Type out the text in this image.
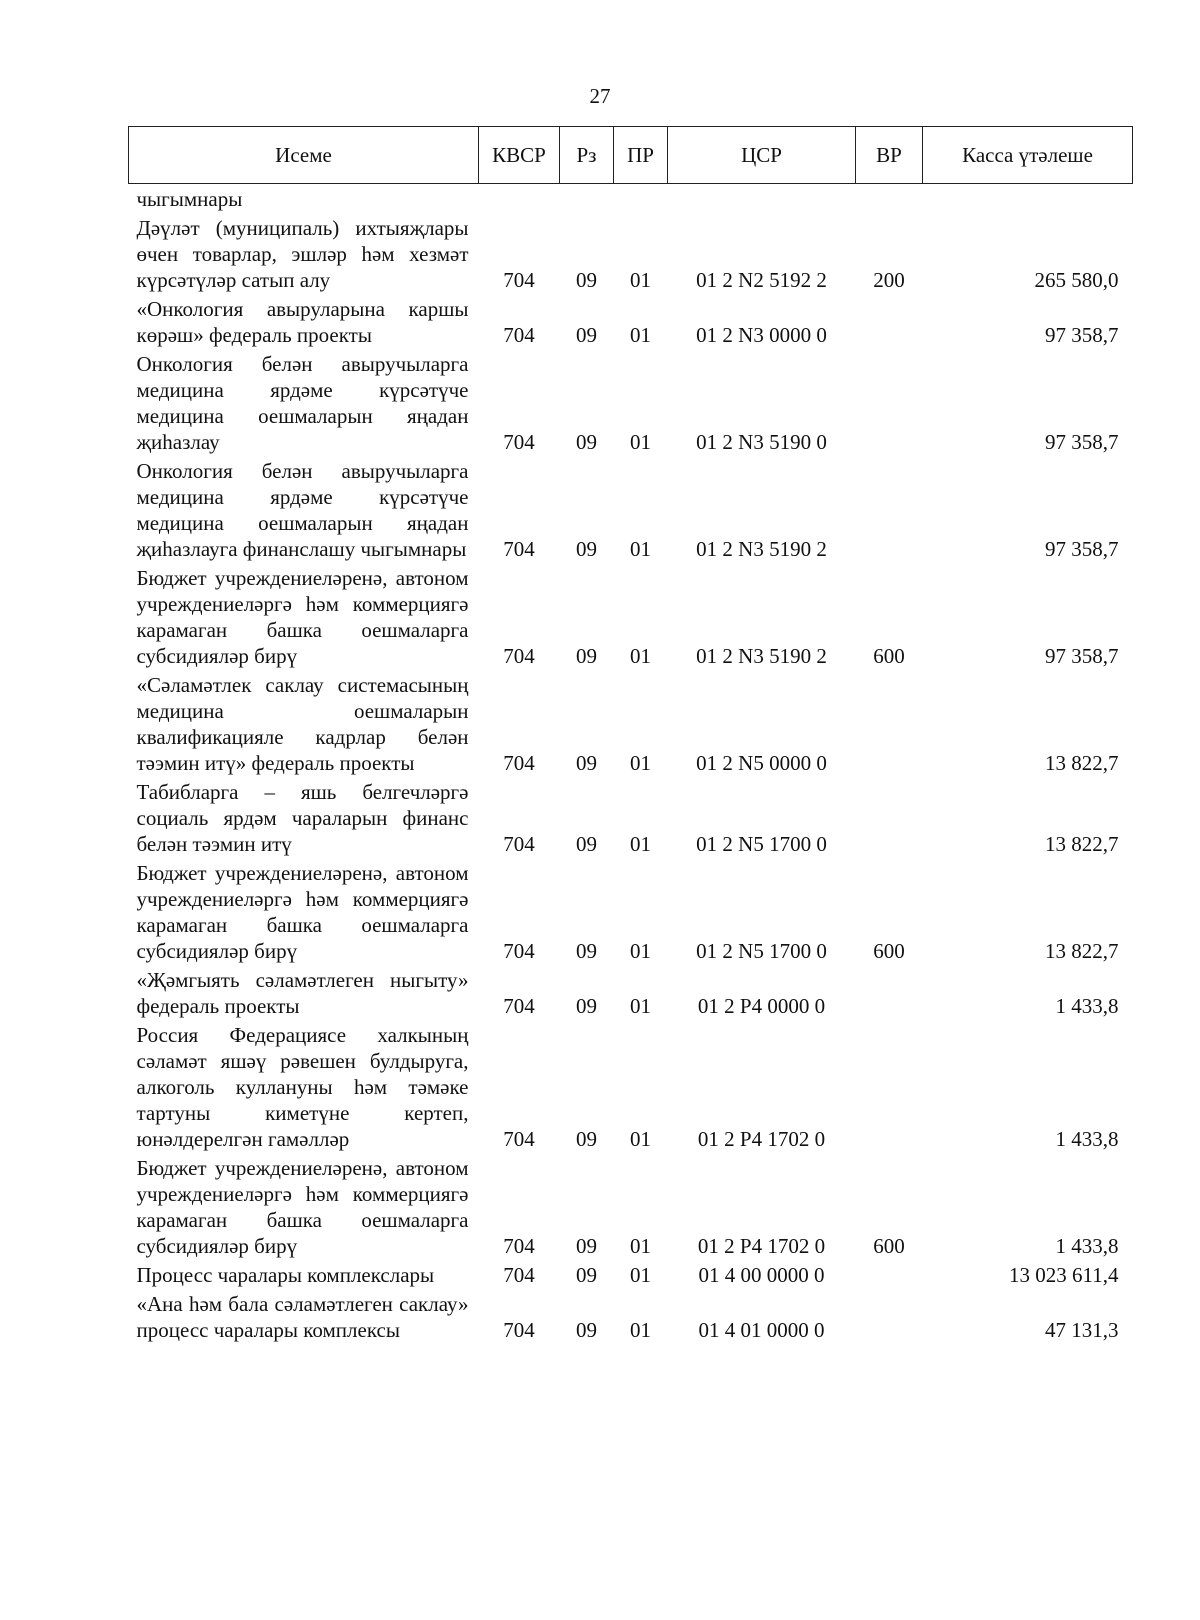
27
Исеме	КВСР	Рз	ПР	ЦСР	ВР	Касса үтәлеше
чыгымнары						
Дәүләт (муниципаль) ихтыяҗлары өчен товарлар, эшләр һәм хезмәт күрсәтүләр сатып алу	704	09	01	01 2 N2 5192 2	200	265 580,0
«Онкология авыруларына каршы көрәш» федераль проекты	704	09	01	01 2 N3 0000 0		97 358,7
Онкология белән авыручыларга медицина ярдәме күрсәтүче медицина оешмаларын яңадан җиһазлау	704	09	01	01 2 N3 5190 0		97 358,7
Онкология белән авыручыларга медицина ярдәме күрсәтүче медицина оешмаларын яңадан җиһазлауга финанслашу чыгымнары	704	09	01	01 2 N3 5190 2		97 358,7
Бюджет учреждениеләренә, автоном учреждениеләргә һәм коммерциягә карамаган башка оешмаларга субсидияләр бирү	704	09	01	01 2 N3 5190 2	600	97 358,7
«Сәламәтлек саклау системасының медицина оешмаларын квалификацияле кадрлар белән тәэмин итү» федераль проекты	704	09	01	01 2 N5 0000 0		13 822,7
Табибларга – яшь белгечләргә социаль ярдәм чараларын финанс белән тәэмин итү	704	09	01	01 2 N5 1700 0		13 822,7
Бюджет учреждениеләренә, автоном учреждениеләргә һәм коммерциягә карамаган башка оешмаларга субсидияләр бирү	704	09	01	01 2 N5 1700 0	600	13 822,7
«Җәмгыять сәламәтлеген ныгыту» федераль проекты	704	09	01	01 2 P4 0000 0		1 433,8
Россия Федерациясе халкының сәламәт яшәү рәвешен булдыруга, алкоголь куллануны һәм тәмәке тартуны киметүне кертеп, юнәлдерелгән гамәлләр	704	09	01	01 2 P4 1702 0		1 433,8
Бюджет учреждениеләренә, автоном учреждениеләргә һәм коммерциягә карамаган башка оешмаларга субсидияләр бирү	704	09	01	01 2 P4 1702 0	600	1 433,8
Процесс чаралары комплекслары	704	09	01	01 4 00 0000 0		13 023 611,4
«Ана һәм бала сәламәтлеген саклау» процесс чаралары комплексы	704	09	01	01 4 01 0000 0		47 131,3
